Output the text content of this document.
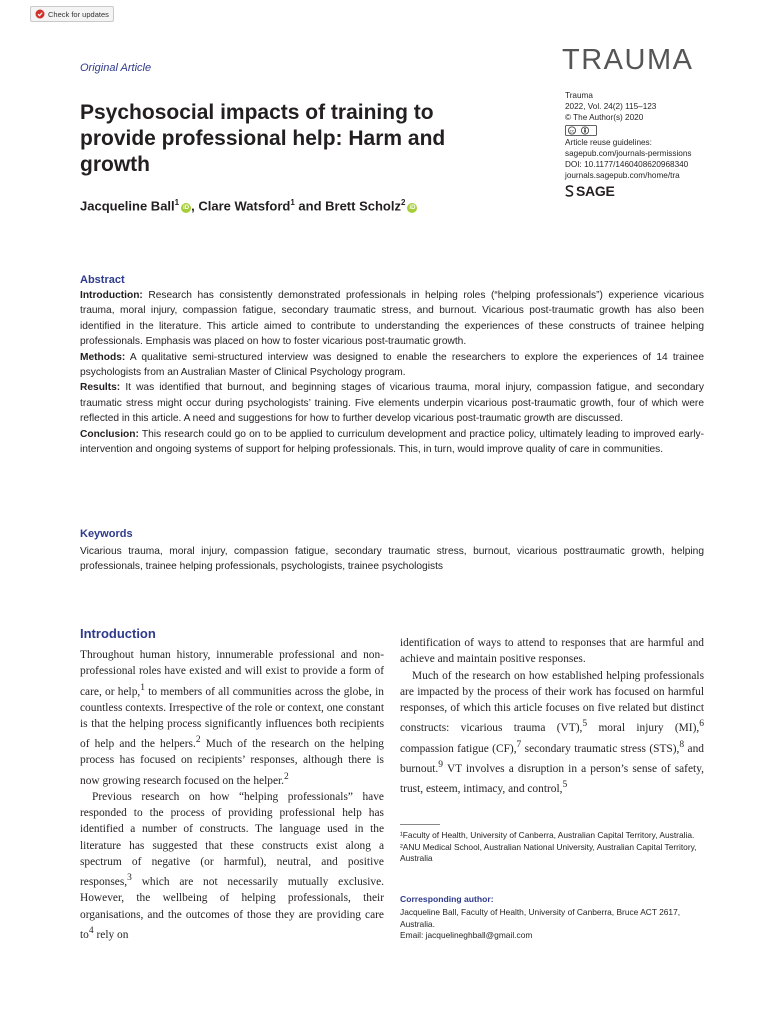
Check for updates
Original Article	TRAUMA
Trauma
2022, Vol. 24(2) 115–123
© The Author(s) 2020
cc
Article reuse guidelines:
sagepub.com/journals-permissions
DOI: 10.1177/1460408620968340
journals.sagepub.com/home/tra
SAGE
Psychosocial impacts of training to provide professional help: Harm and growth
Jacqueline Ball$^1$iD , Clare Watsford$^1$ and Brett Scholz$^2$iD
Abstract
Introduction: Research has consistently demonstrated professionals in helping roles (“helping professionals”) experience vicarious trauma, moral injury, compassion fatigue, secondary traumatic stress, and burnout. Vicarious post-traumatic growth has also been identified in the literature. This article aimed to contribute to understanding the experiences of these constructs of trainee helping professionals. Emphasis was placed on how to foster vicarious post-traumatic growth.
Methods: A qualitative semi-structured interview was designed to enable the researchers to explore the experiences of 14 trainee psychologists from an Australian Master of Clinical Psychology program.
Results: It was identified that burnout, and beginning stages of vicarious trauma, moral injury, compassion fatigue, and secondary traumatic stress might occur during psychologists’ training. Five elements underpin vicarious post-traumatic growth, four of which were reflected in this article. A need and suggestions for how to further develop vicarious post-traumatic growth are discussed.
Conclusion: This research could go on to be applied to curriculum development and practice policy, ultimately leading to improved early-intervention and ongoing systems of support for helping professionals. This, in turn, would improve quality of care in communities.
Keywords
Vicarious trauma, moral injury, compassion fatigue, secondary traumatic stress, burnout, vicarious posttraumatic growth, helping professionals, trainee helping professionals, psychologists, trainee psychologists
Introduction

Throughout human history, innumerable professional and non-professional roles have existed and will exist to provide a form of care, or help,$^1$ to members of all communities across the globe, in countless contexts. Irrespective of the role or context, one constant is that the helping process significantly influences both recipients of help and the helpers.$^2$ Much of the research on the helping process has focused on recipients’ responses, although there is now growing research focused on the helper.$^2$

Previous research on how “helping professionals” have responded to the process of providing professional help has identified a number of constructs. The language used in the literature has suggested that these constructs exist along a spectrum of negative (or harmful), neutral, and positive responses,$^3$ which are not necessarily mutually exclusive. However, the wellbeing of helping professionals, their organisations, and the outcomes of those they are providing care $to^4$ rely on

identification of ways to attend to responses that are harmful and achieve and maintain positive responses.

Much of the research on how established helping professionals are impacted by the process of their work has focused on harmful responses, of which this article focuses on five related but distinct constructs: vicarious trauma (VT),$^5$ moral injury (MI),$^6$ compassion fatigue (CF),$^7$ secondary traumatic stress (STS),$^8$ and burnout.$^9$ VT involves a disruption in a person’s sense of safety, trust, esteem, intimacy, and control,$^5$

¹Faculty of Health, University of Canberra, Australian Capital Territory, Australia.
²ANU Medical School, Australian National University, Australian Capital Territory, Australia
Corresponding author:
Jacqueline Ball, Faculty of Health, University of Canberra, Bruce ACT 2617, Australia.
Email: jacquelineghball@gmail.com
